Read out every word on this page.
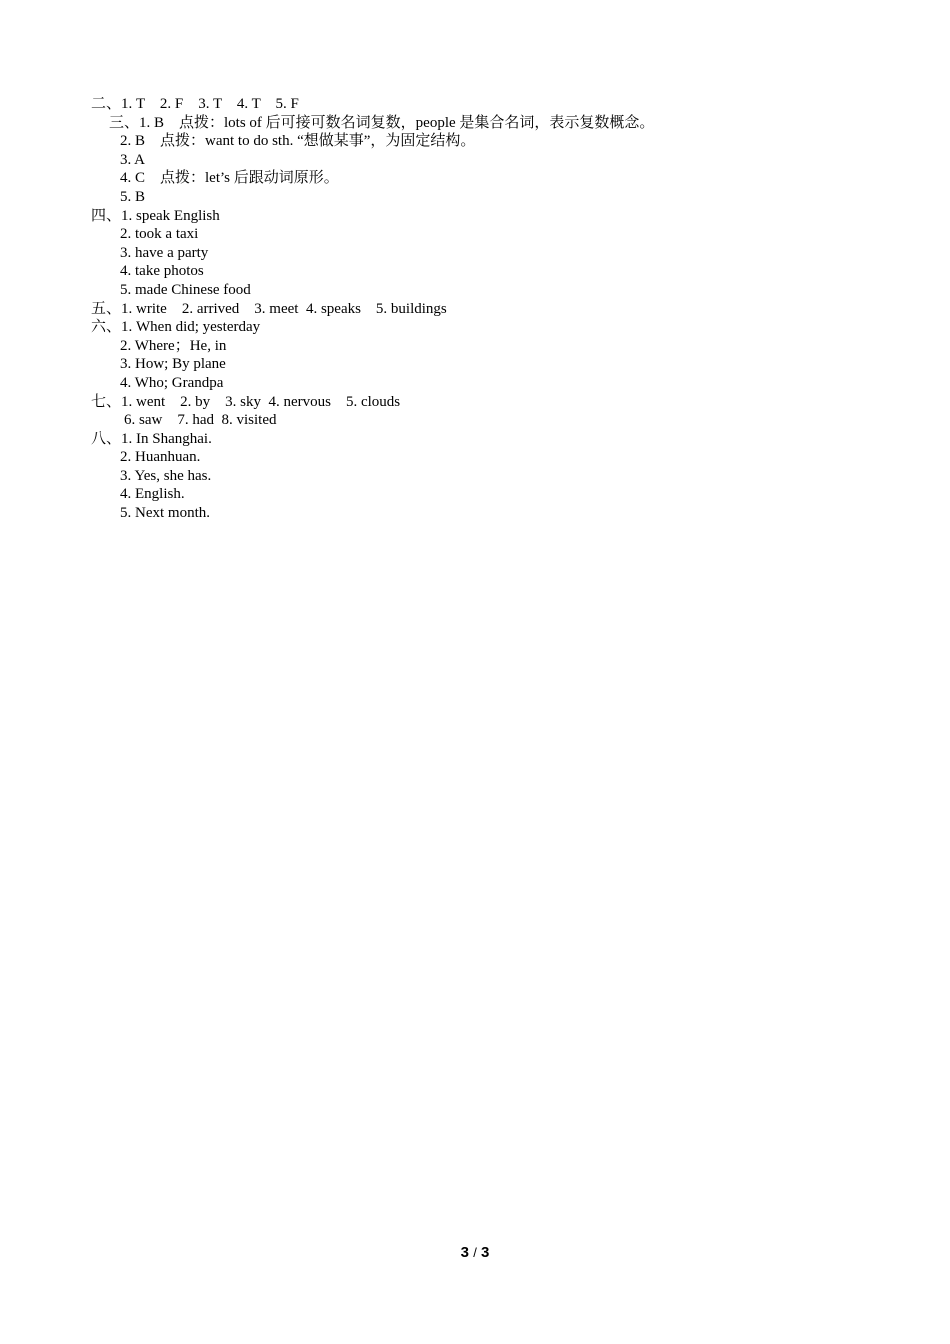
二、1. T    2. F    3. T    4. T    5. F
三、1. B    点拨：lots of 后可接可数名词复数，people 是集合名词，表示复数概念。
2. B    点拨：want to do sth. “想做某事”，为固定结构。
3. A
4. C    点拨：let’s 后跟动词原形。
5. B
四、1. speak English
2. took a taxi
3. have a party
4. take photos
5. made Chinese food
五、1. write    2. arrived    3. meet  4. speaks    5. buildings
六、1. When did; yesterday
2. Where；He, in
3. How; By plane
4. Who; Grandpa
七、1. went    2. by    3. sky  4. nervous    5. clouds
6. saw    7. had  8. visited
八、1. In Shanghai.
2. Huanhuan.
3. Yes, she has.
4. English.
5. Next month.
3 / 3
